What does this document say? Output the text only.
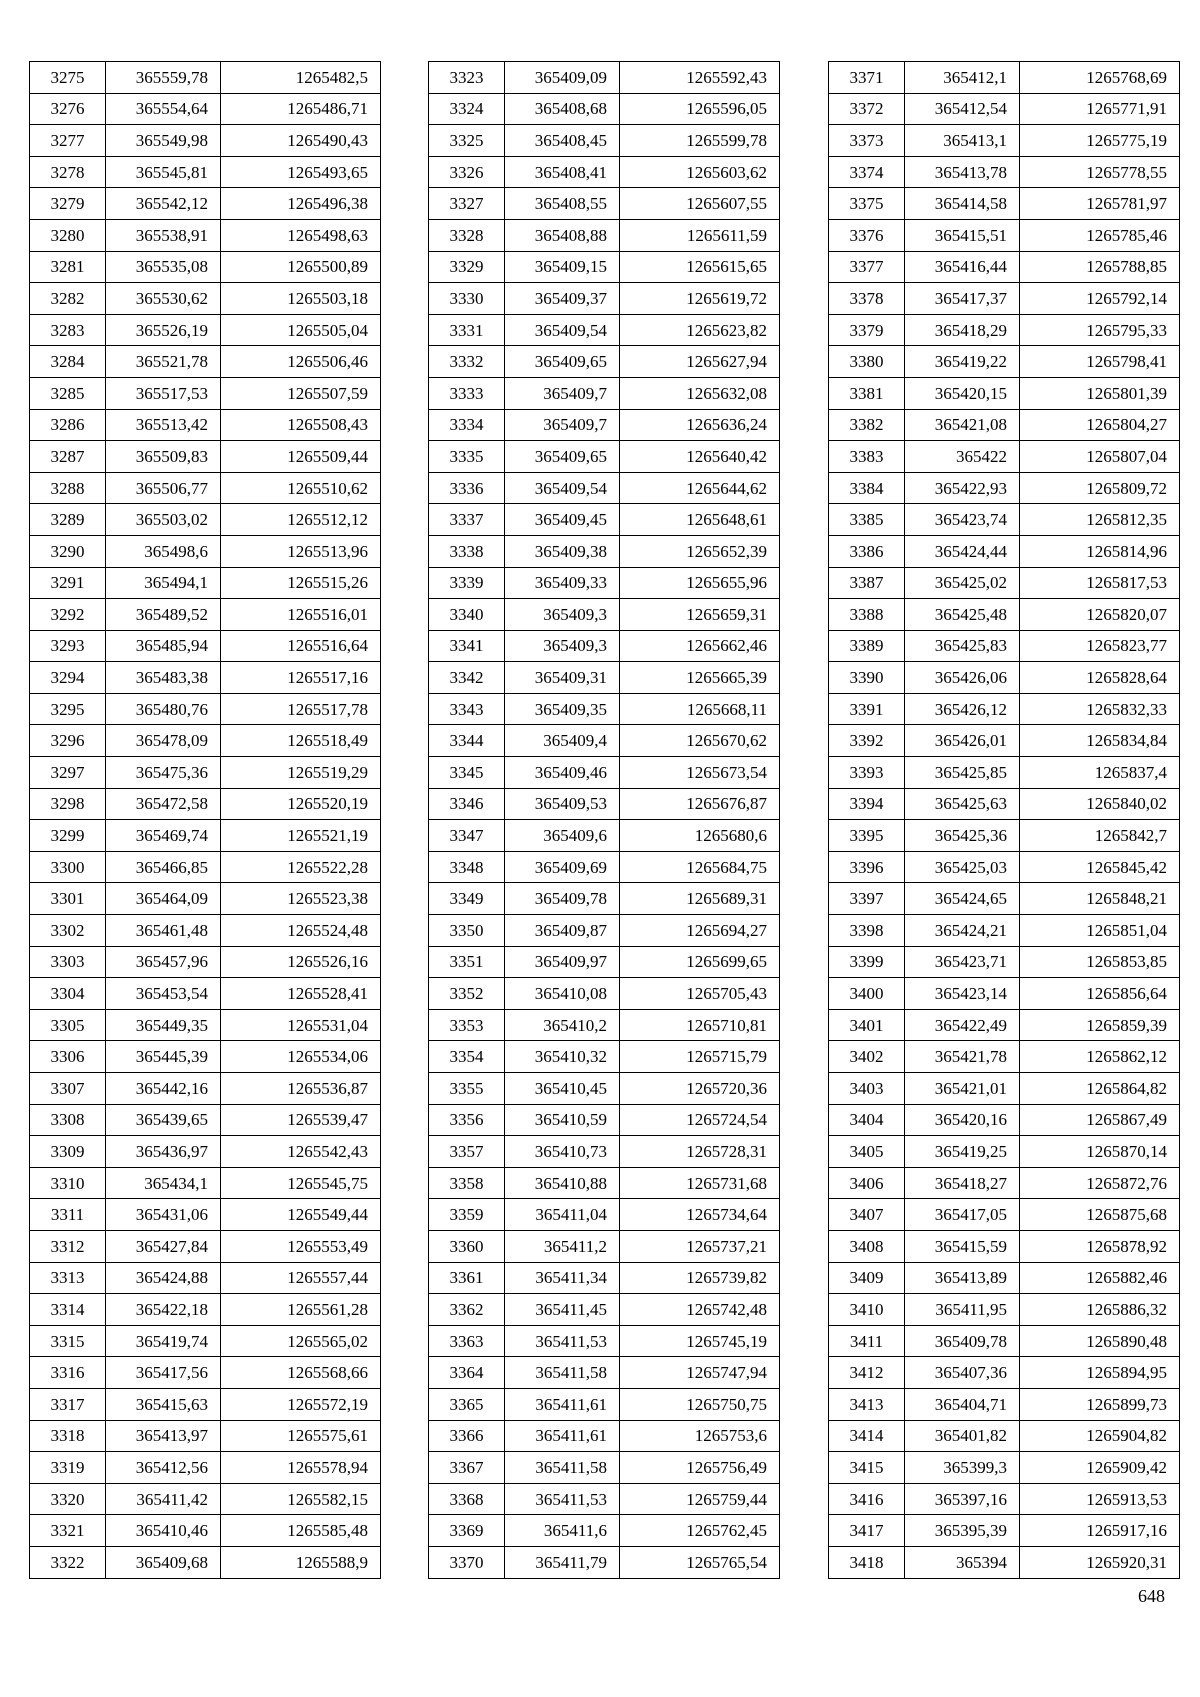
3275	365559,78	1265482,5
3276	365554,64	1265486,71
3277	365549,98	1265490,43
3278	365545,81	1265493,65
3279	365542,12	1265496,38
3280	365538,91	1265498,63
3281	365535,08	1265500,89
3282	365530,62	1265503,18
3283	365526,19	1265505,04
3284	365521,78	1265506,46
3285	365517,53	1265507,59
3286	365513,42	1265508,43
3287	365509,83	1265509,44
3288	365506,77	1265510,62
3289	365503,02	1265512,12
3290	365498,6	1265513,96
3291	365494,1	1265515,26
3292	365489,52	1265516,01
3293	365485,94	1265516,64
3294	365483,38	1265517,16
3295	365480,76	1265517,78
3296	365478,09	1265518,49
3297	365475,36	1265519,29
3298	365472,58	1265520,19
3299	365469,74	1265521,19
3300	365466,85	1265522,28
3301	365464,09	1265523,38
3302	365461,48	1265524,48
3303	365457,96	1265526,16
3304	365453,54	1265528,41
3305	365449,35	1265531,04
3306	365445,39	1265534,06
3307	365442,16	1265536,87
3308	365439,65	1265539,47
3309	365436,97	1265542,43
3310	365434,1	1265545,75
3311	365431,06	1265549,44
3312	365427,84	1265553,49
3313	365424,88	1265557,44
3314	365422,18	1265561,28
3315	365419,74	1265565,02
3316	365417,56	1265568,66
3317	365415,63	1265572,19
3318	365413,97	1265575,61
3319	365412,56	1265578,94
3320	365411,42	1265582,15
3321	365410,46	1265585,48
3322	365409,68	1265588,9
3323	365409,09	1265592,43
3324	365408,68	1265596,05
3325	365408,45	1265599,78
3326	365408,41	1265603,62
3327	365408,55	1265607,55
3328	365408,88	1265611,59
3329	365409,15	1265615,65
3330	365409,37	1265619,72
3331	365409,54	1265623,82
3332	365409,65	1265627,94
3333	365409,7	1265632,08
3334	365409,7	1265636,24
3335	365409,65	1265640,42
3336	365409,54	1265644,62
3337	365409,45	1265648,61
3338	365409,38	1265652,39
3339	365409,33	1265655,96
3340	365409,3	1265659,31
3341	365409,3	1265662,46
3342	365409,31	1265665,39
3343	365409,35	1265668,11
3344	365409,4	1265670,62
3345	365409,46	1265673,54
3346	365409,53	1265676,87
3347	365409,6	1265680,6
3348	365409,69	1265684,75
3349	365409,78	1265689,31
3350	365409,87	1265694,27
3351	365409,97	1265699,65
3352	365410,08	1265705,43
3353	365410,2	1265710,81
3354	365410,32	1265715,79
3355	365410,45	1265720,36
3356	365410,59	1265724,54
3357	365410,73	1265728,31
3358	365410,88	1265731,68
3359	365411,04	1265734,64
3360	365411,2	1265737,21
3361	365411,34	1265739,82
3362	365411,45	1265742,48
3363	365411,53	1265745,19
3364	365411,58	1265747,94
3365	365411,61	1265750,75
3366	365411,61	1265753,6
3367	365411,58	1265756,49
3368	365411,53	1265759,44
3369	365411,6	1265762,45
3370	365411,79	1265765,54
3371	365412,1	1265768,69
3372	365412,54	1265771,91
3373	365413,1	1265775,19
3374	365413,78	1265778,55
3375	365414,58	1265781,97
3376	365415,51	1265785,46
3377	365416,44	1265788,85
3378	365417,37	1265792,14
3379	365418,29	1265795,33
3380	365419,22	1265798,41
3381	365420,15	1265801,39
3382	365421,08	1265804,27
3383	365422	1265807,04
3384	365422,93	1265809,72
3385	365423,74	1265812,35
3386	365424,44	1265814,96
3387	365425,02	1265817,53
3388	365425,48	1265820,07
3389	365425,83	1265823,77
3390	365426,06	1265828,64
3391	365426,12	1265832,33
3392	365426,01	1265834,84
3393	365425,85	1265837,4
3394	365425,63	1265840,02
3395	365425,36	1265842,7
3396	365425,03	1265845,42
3397	365424,65	1265848,21
3398	365424,21	1265851,04
3399	365423,71	1265853,85
3400	365423,14	1265856,64
3401	365422,49	1265859,39
3402	365421,78	1265862,12
3403	365421,01	1265864,82
3404	365420,16	1265867,49
3405	365419,25	1265870,14
3406	365418,27	1265872,76
3407	365417,05	1265875,68
3408	365415,59	1265878,92
3409	365413,89	1265882,46
3410	365411,95	1265886,32
3411	365409,78	1265890,48
3412	365407,36	1265894,95
3413	365404,71	1265899,73
3414	365401,82	1265904,82
3415	365399,3	1265909,42
3416	365397,16	1265913,53
3417	365395,39	1265917,16
3418	365394	1265920,31
648
